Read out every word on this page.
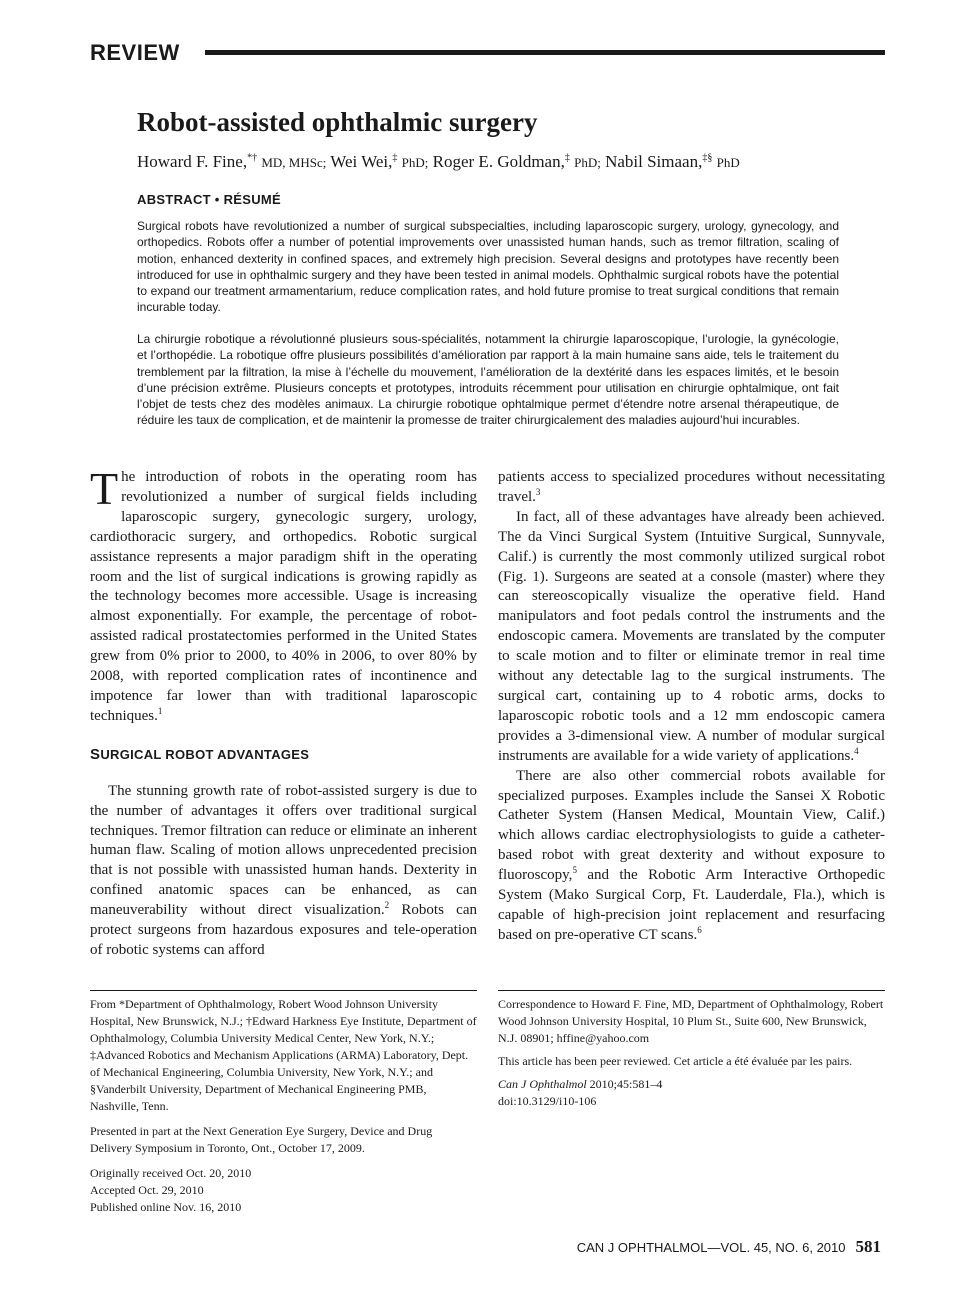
REVIEW
Robot-assisted ophthalmic surgery
Howard F. Fine,*† MD, MHSc; Wei Wei,‡ PhD; Roger E. Goldman,‡ PhD; Nabil Simaan,‡§ PhD
ABSTRACT • RÉSUMÉ
Surgical robots have revolutionized a number of surgical subspecialties, including laparoscopic surgery, urology, gynecology, and orthopedics. Robots offer a number of potential improvements over unassisted human hands, such as tremor filtration, scaling of motion, enhanced dexterity in confined spaces, and extremely high precision. Several designs and prototypes have recently been introduced for use in ophthalmic surgery and they have been tested in animal models. Ophthalmic surgical robots have the potential to expand our treatment armamentarium, reduce complication rates, and hold future promise to treat surgical conditions that remain incurable today.
La chirurgie robotique a révolutionné plusieurs sous-spécialités, notamment la chirurgie laparoscopique, l’urologie, la gynécologie, et l’orthopédie. La robotique offre plusieurs possibilités d’amélioration par rapport à la main humaine sans aide, tels le traitement du tremblement par la filtration, la mise à l’échelle du mouvement, l’amélioration de la dextérité dans les espaces limités, et le besoin d’une précision extrême. Plusieurs concepts et prototypes, introduits récemment pour utilisation en chirurgie ophtalmique, ont fait l’objet de tests chez des modèles animaux. La chirurgie robotique ophtalmique permet d’étendre notre arsenal thérapeutique, de réduire les taux de complication, et de maintenir la promesse de traiter chirurgicalement des maladies aujourd’hui incurables.

The introduction of robots in the operating room has revolutionized a number of surgical fields including laparoscopic surgery, gynecologic surgery, urology, cardiothoracic surgery, and orthopedics. Robotic surgical assistance represents a major paradigm shift in the operating room and the list of surgical indications is growing rapidly as the technology becomes more accessible. Usage is increasing almost exponentially. For example, the percentage of robot-assisted radical prostatectomies performed in the United States grew from 0% prior to 2000, to 40% in 2006, to over 80% by 2008, with reported complication rates of incontinence and impotence far lower than with traditional laparoscopic techniques.$^1$

SURGICAL ROBOT ADVANTAGES

The stunning growth rate of robot-assisted surgery is due to the number of advantages it offers over traditional surgical techniques. Tremor filtration can reduce or eliminate an inherent human flaw. Scaling of motion allows unprecedented precision that is not possible with unassisted human hands. Dexterity in confined anatomic spaces can be enhanced, as can maneuverability without direct visualization.$^2$ Robots can protect surgeons from hazardous exposures and tele-operation of robotic systems can afford

patients access to specialized procedures without necessitating travel.$^3$

In fact, all of these advantages have already been achieved. The da Vinci Surgical System (Intuitive Surgical, Sunnyvale, Calif.) is currently the most commonly utilized surgical robot (Fig. 1). Surgeons are seated at a console (master) where they can stereoscopically visualize the operative field. Hand manipulators and foot pedals control the instruments and the endoscopic camera. Movements are translated by the computer to scale motion and to filter or eliminate tremor in real time without any detectable lag to the surgical instruments. The surgical cart, containing up to 4 robotic arms, docks to laparoscopic robotic tools and a 12 mm endoscopic camera provides a 3-dimensional view. A number of modular surgical instruments are available for a wide variety of applications.$^4$

There are also other commercial robots available for specialized purposes. Examples include the Sansei X Robotic Catheter System (Hansen Medical, Mountain View, Calif.) which allows cardiac electrophysiologists to guide a catheter-based robot with great dexterity and without exposure to fluoroscopy,$^5$ and the Robotic Arm Interactive Orthopedic System (Mako Surgical Corp, Ft. Lauderdale, Fla.), which is capable of high-precision joint replacement and resurfacing based on pre-operative CT scans.$^6$

From *Department of Ophthalmology, Robert Wood Johnson University Hospital, New Brunswick, N.J.; †Edward Harkness Eye Institute, Department of Ophthalmology, Columbia University Medical Center, New York, N.Y.; ‡Advanced Robotics and Mechanism Applications (ARMA) Laboratory, Dept. of Mechanical Engineering, Columbia University, New York, N.Y.; and §Vanderbilt University, Department of Mechanical Engineering PMB, Nashville, Tenn.

Presented in part at the Next Generation Eye Surgery, Device and Drug Delivery Symposium in Toronto, Ont., October 17, 2009.

Originally received Oct. 20, 2010
Accepted Oct. 29, 2010
Published online Nov. 16, 2010

Correspondence to Howard F. Fine, MD, Department of Ophthalmology, Robert Wood Johnson University Hospital, 10 Plum St., Suite 600, New Brunswick, N.J. 08901; hffine@yahoo.com

This article has been peer reviewed. Cet article a été évaluée par les pairs.

Can J Ophthalmol 2010;45:581–4
doi:10.3129/i10-106

CAN J OPHTHALMOL—VOL. 45, NO. 6, 2010 581
